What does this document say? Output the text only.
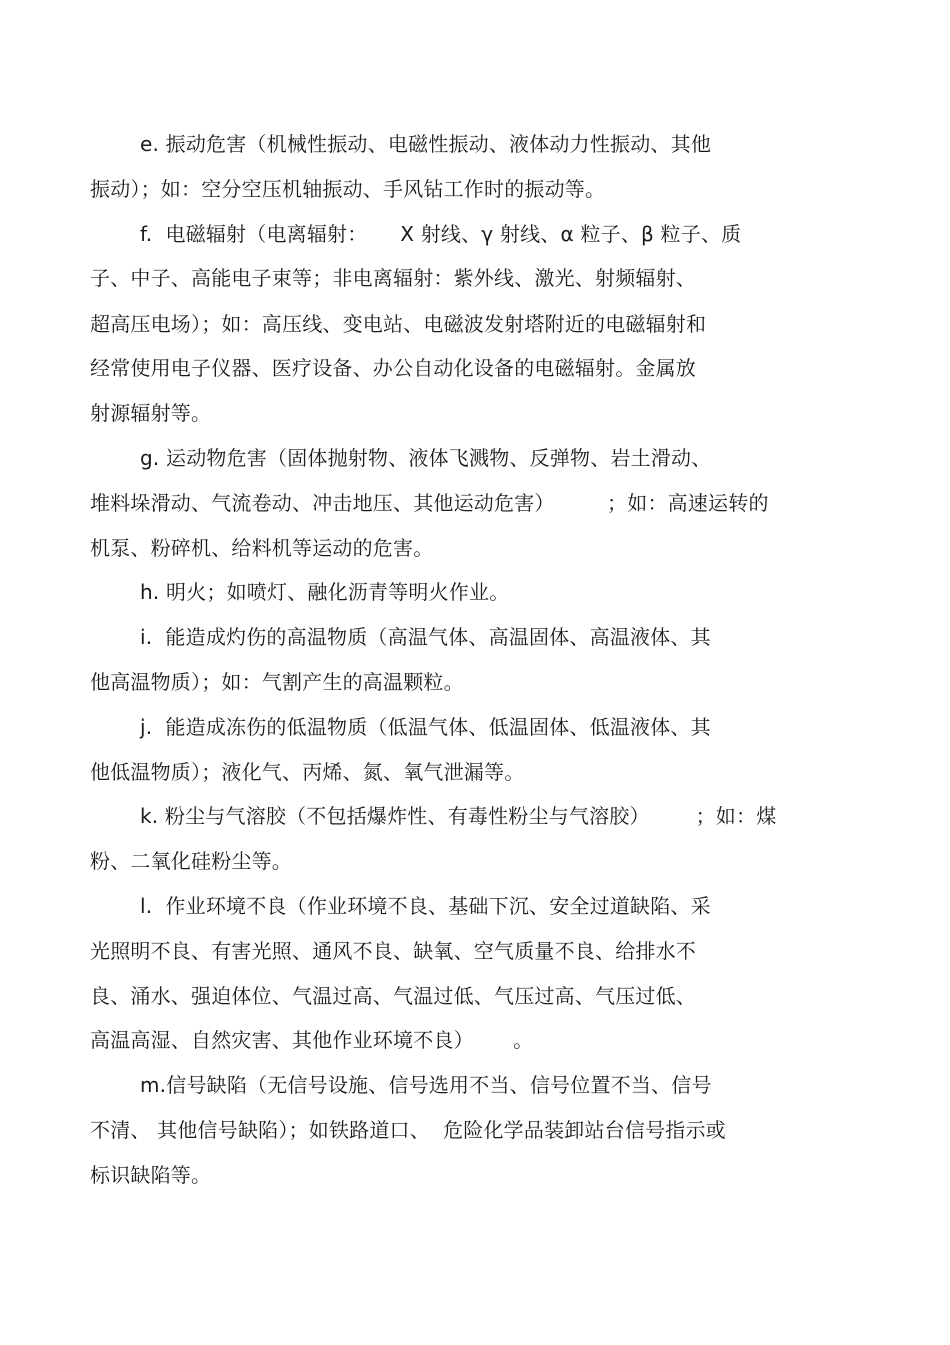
e. 振动危害（机械性振动、电磁性振动、液体动力性振动、其他
振动）；如：空分空压机轴振动、手风钻工作时的振动等。
f.  电磁辐射（电离辐射：     X 射线、γ 射线、α 粒子、β 粒子、质
子、中子、高能电子束等；非电离辐射：紫外线、激光、射频辐射、
超高压电场）；如：高压线、变电站、电磁波发射塔附近的电磁辐射和
经常使用电子仪器、医疗设备、办公自动化设备的电磁辐射。金属放
射源辐射等。
g. 运动物危害（固体抛射物、液体飞溅物、反弹物、岩土滑动、
堆料垛滑动、气流卷动、冲击地压、其他运动危害）        ；如：高速运转的
机泵、粉碎机、给料机等运动的危害。
h. 明火；如喷灯、融化沥青等明火作业。
i.  能造成灼伤的高温物质（高温气体、高温固体、高温液体、其
他高温物质）；如：气割产生的高温颗粒。
j.  能造成冻伤的低温物质（低温气体、低温固体、低温液体、其
他低温物质）；液化气、丙烯、氮、氧气泄漏等。
k. 粉尘与气溶胶（不包括爆炸性、有毒性粉尘与气溶胶）       ；如：煤
粉、二氧化硅粉尘等。
l.  作业环境不良（作业环境不良、基础下沉、安全过道缺陷、采
光照明不良、有害光照、通风不良、缺氧、空气质量不良、给排水不
良、涌水、强迫体位、气温过高、气温过低、气压过高、气压过低、
高温高湿、自然灾害、其他作业环境不良）      。
m.信号缺陷（无信号设施、信号选用不当、信号位置不当、信号
不清、 其他信号缺陷）；如铁路道口、  危险化学品装卸站台信号指示或
标识缺陷等。
